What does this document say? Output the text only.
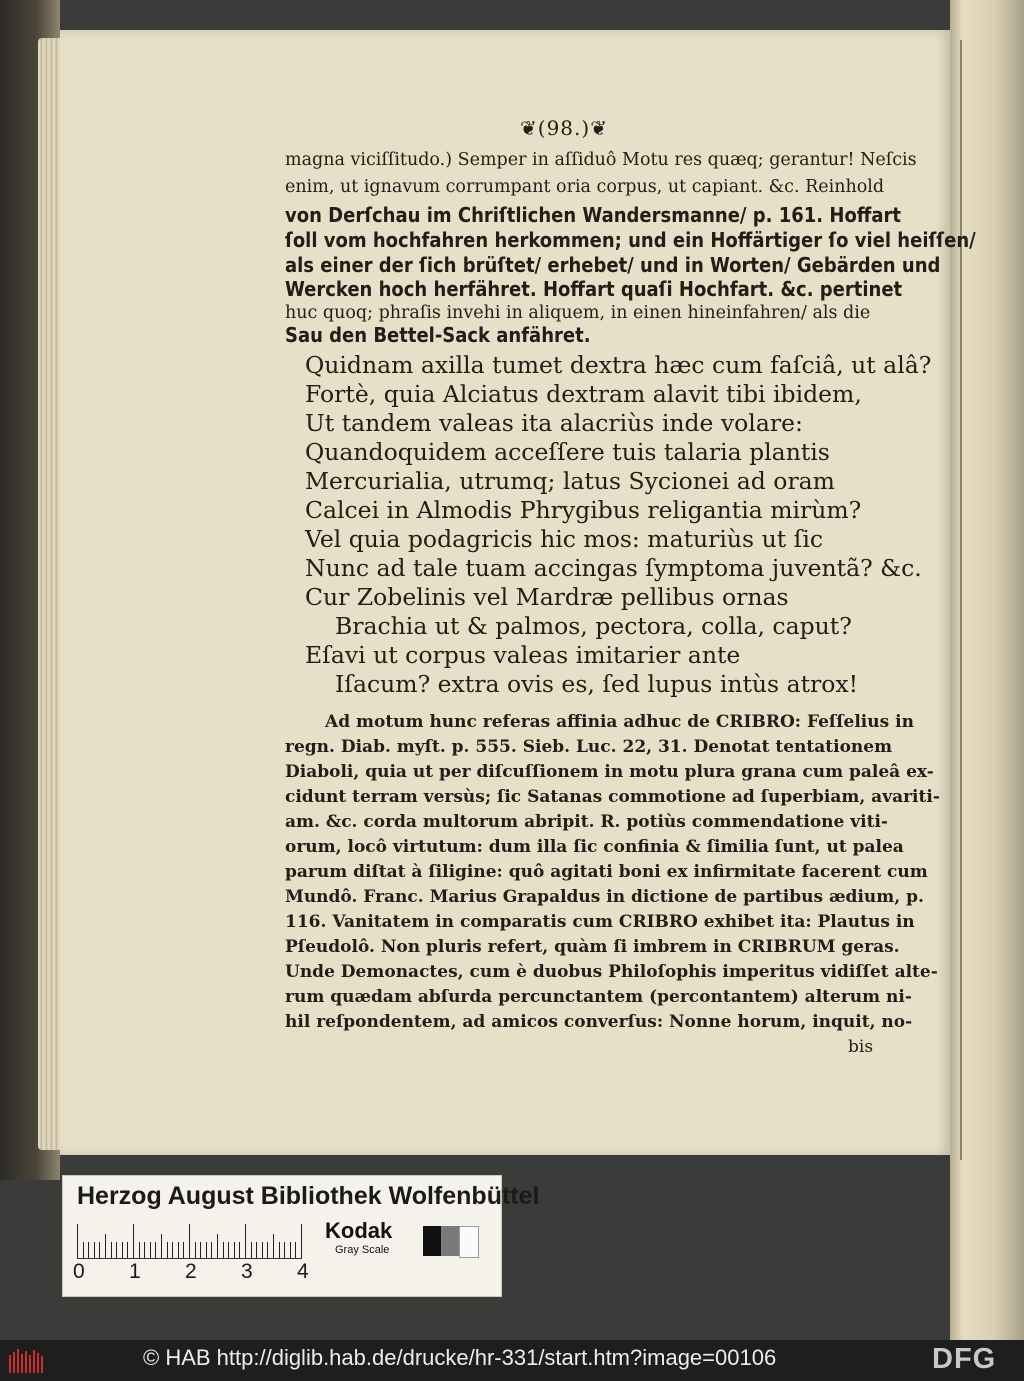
❦(98.)❦
magna viciſſitudo.) Semper in aſſiduô Motu res quæq; gerantur! Neſcis
enim, ut ignavum corrumpant oria corpus, ut capiant. &c. Reinhold
von Derſchau im Chriſtlichen Wandersmanne/ p. 161. Hoffart
ſoll vom hochfahren herkommen; und ein Hoffärtiger ſo viel heiſſen/
als einer der ſich brüſtet/ erhebet/ und in Worten/ Gebärden und
Wercken hoch herfähret. Hoffart quaſi Hochfart. &c. pertinet
huc quoq; phraſis invehi in aliquem, in einen hineinfahren/ als die
Sau den Bettel-Sack anfähret.
Quidnam axilla tumet dextra hæc cum faſciâ, ut alâ?
Fortè, quia Alciatus dextram alavit tibi ibidem,
Ut tandem valeas ita alacriùs inde volare:
Quandoquidem acceſſere tuis talaria plantis
Mercurialia, utrumq; latus Sycionei ad oram
Calcei in Almodis Phrygibus religantia mirùm?
Vel quia podagricis hic mos: maturiùs ut ſic
Nunc ad tale tuam accingas ſymptoma juventã? &c.
Cur Zobelinis vel Mardræ pellibus ornas
Brachia ut & palmos, pectora, colla, caput?
Eſavi ut corpus valeas imitarier ante
Iſacum? extra ovis es, ſed lupus intùs atrox!
Ad motum hunc referas affinia adhuc de CRIBRO: Feſſelius in
regn. Diab. myſt. p. 555. Sieb. Luc. 22, 31. Denotat tentationem
Diaboli, quia ut per diſcuſſionem in motu plura grana cum paleâ ex-
cidunt terram versùs; ſic Satanas commotione ad ſuperbiam, avariti-
am. &c. corda multorum abripit. R. potiùs commendatione viti-
orum, locô virtutum: dum illa ſic confinia & ſimilia ſunt, ut palea
parum diſtat à ſiligine: quô agitati boni ex infirmitate facerent cum
Mundô. Franc. Marius Grapaldus in dictione de partibus ædium, p.
116. Vanitatem in comparatis cum CRIBRO exhibet ita: Plautus in
Pſeudolô. Non pluris refert, quàm ſi imbrem in CRIBRUM geras.
Unde Demonactes, cum è duobus Philoſophis imperitus vidiſſet alte-
rum quædam abſurda percunctantem (percontantem) alterum ni-
hil reſpondentem, ad amicos converſus: Nonne horum, inquit, no-
bis
Herzog August Bibliothek Wolfenbüttel
0 1 2 3 4
Kodak
Gray Scale
© HAB http://diglib.hab.de/drucke/hr-331/start.htm?image=00106	DFG
